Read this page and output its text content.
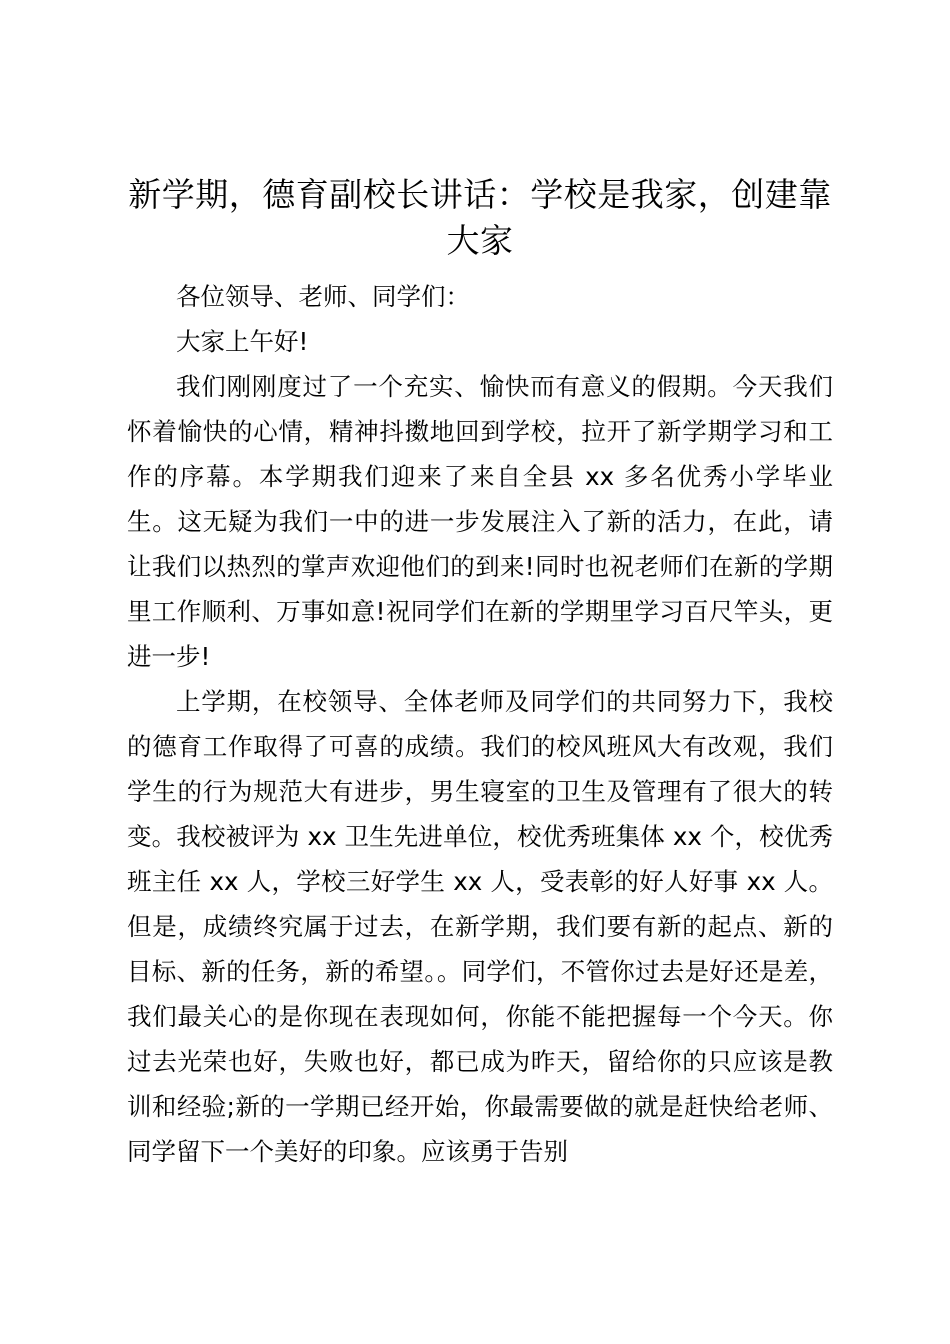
新学期，德育副校长讲话：学校是我家，创建靠大家

各位领导、老师、同学们：

大家上午好!

我们刚刚度过了一个充实、愉快而有意义的假期。今天我们怀着愉快的心情，精神抖擞地回到学校，拉开了新学期学习和工作的序幕。本学期我们迎来了来自全县 xx 多名优秀小学毕业生。这无疑为我们一中的进一步发展注入了新的活力，在此，请让我们以热烈的掌声欢迎他们的到来!同时也祝老师们在新的学期里工作顺利、万事如意!祝同学们在新的学期里学习百尺竿头，更进一步!

上学期，在校领导、全体老师及同学们的共同努力下，我校的德育工作取得了可喜的成绩。我们的校风班风大有改观，我们学生的行为规范大有进步，男生寝室的卫生及管理有了很大的转变。我校被评为 xx 卫生先进单位，校优秀班集体 xx 个，校优秀班主任 xx 人，学校三好学生 xx 人，受表彰的好人好事 xx 人。但是，成绩终究属于过去，在新学期，我们要有新的起点、新的目标、新的任务，新的希望。。同学们，不管你过去是好还是差，我们最关心的是你现在表现如何，你能不能把握每一个今天。你过去光荣也好，失败也好，都已成为昨天，留给你的只应该是教训和经验;新的一学期已经开始，你最需要做的就是赶快给老师、同学留下一个美好的印象。应该勇于告别
